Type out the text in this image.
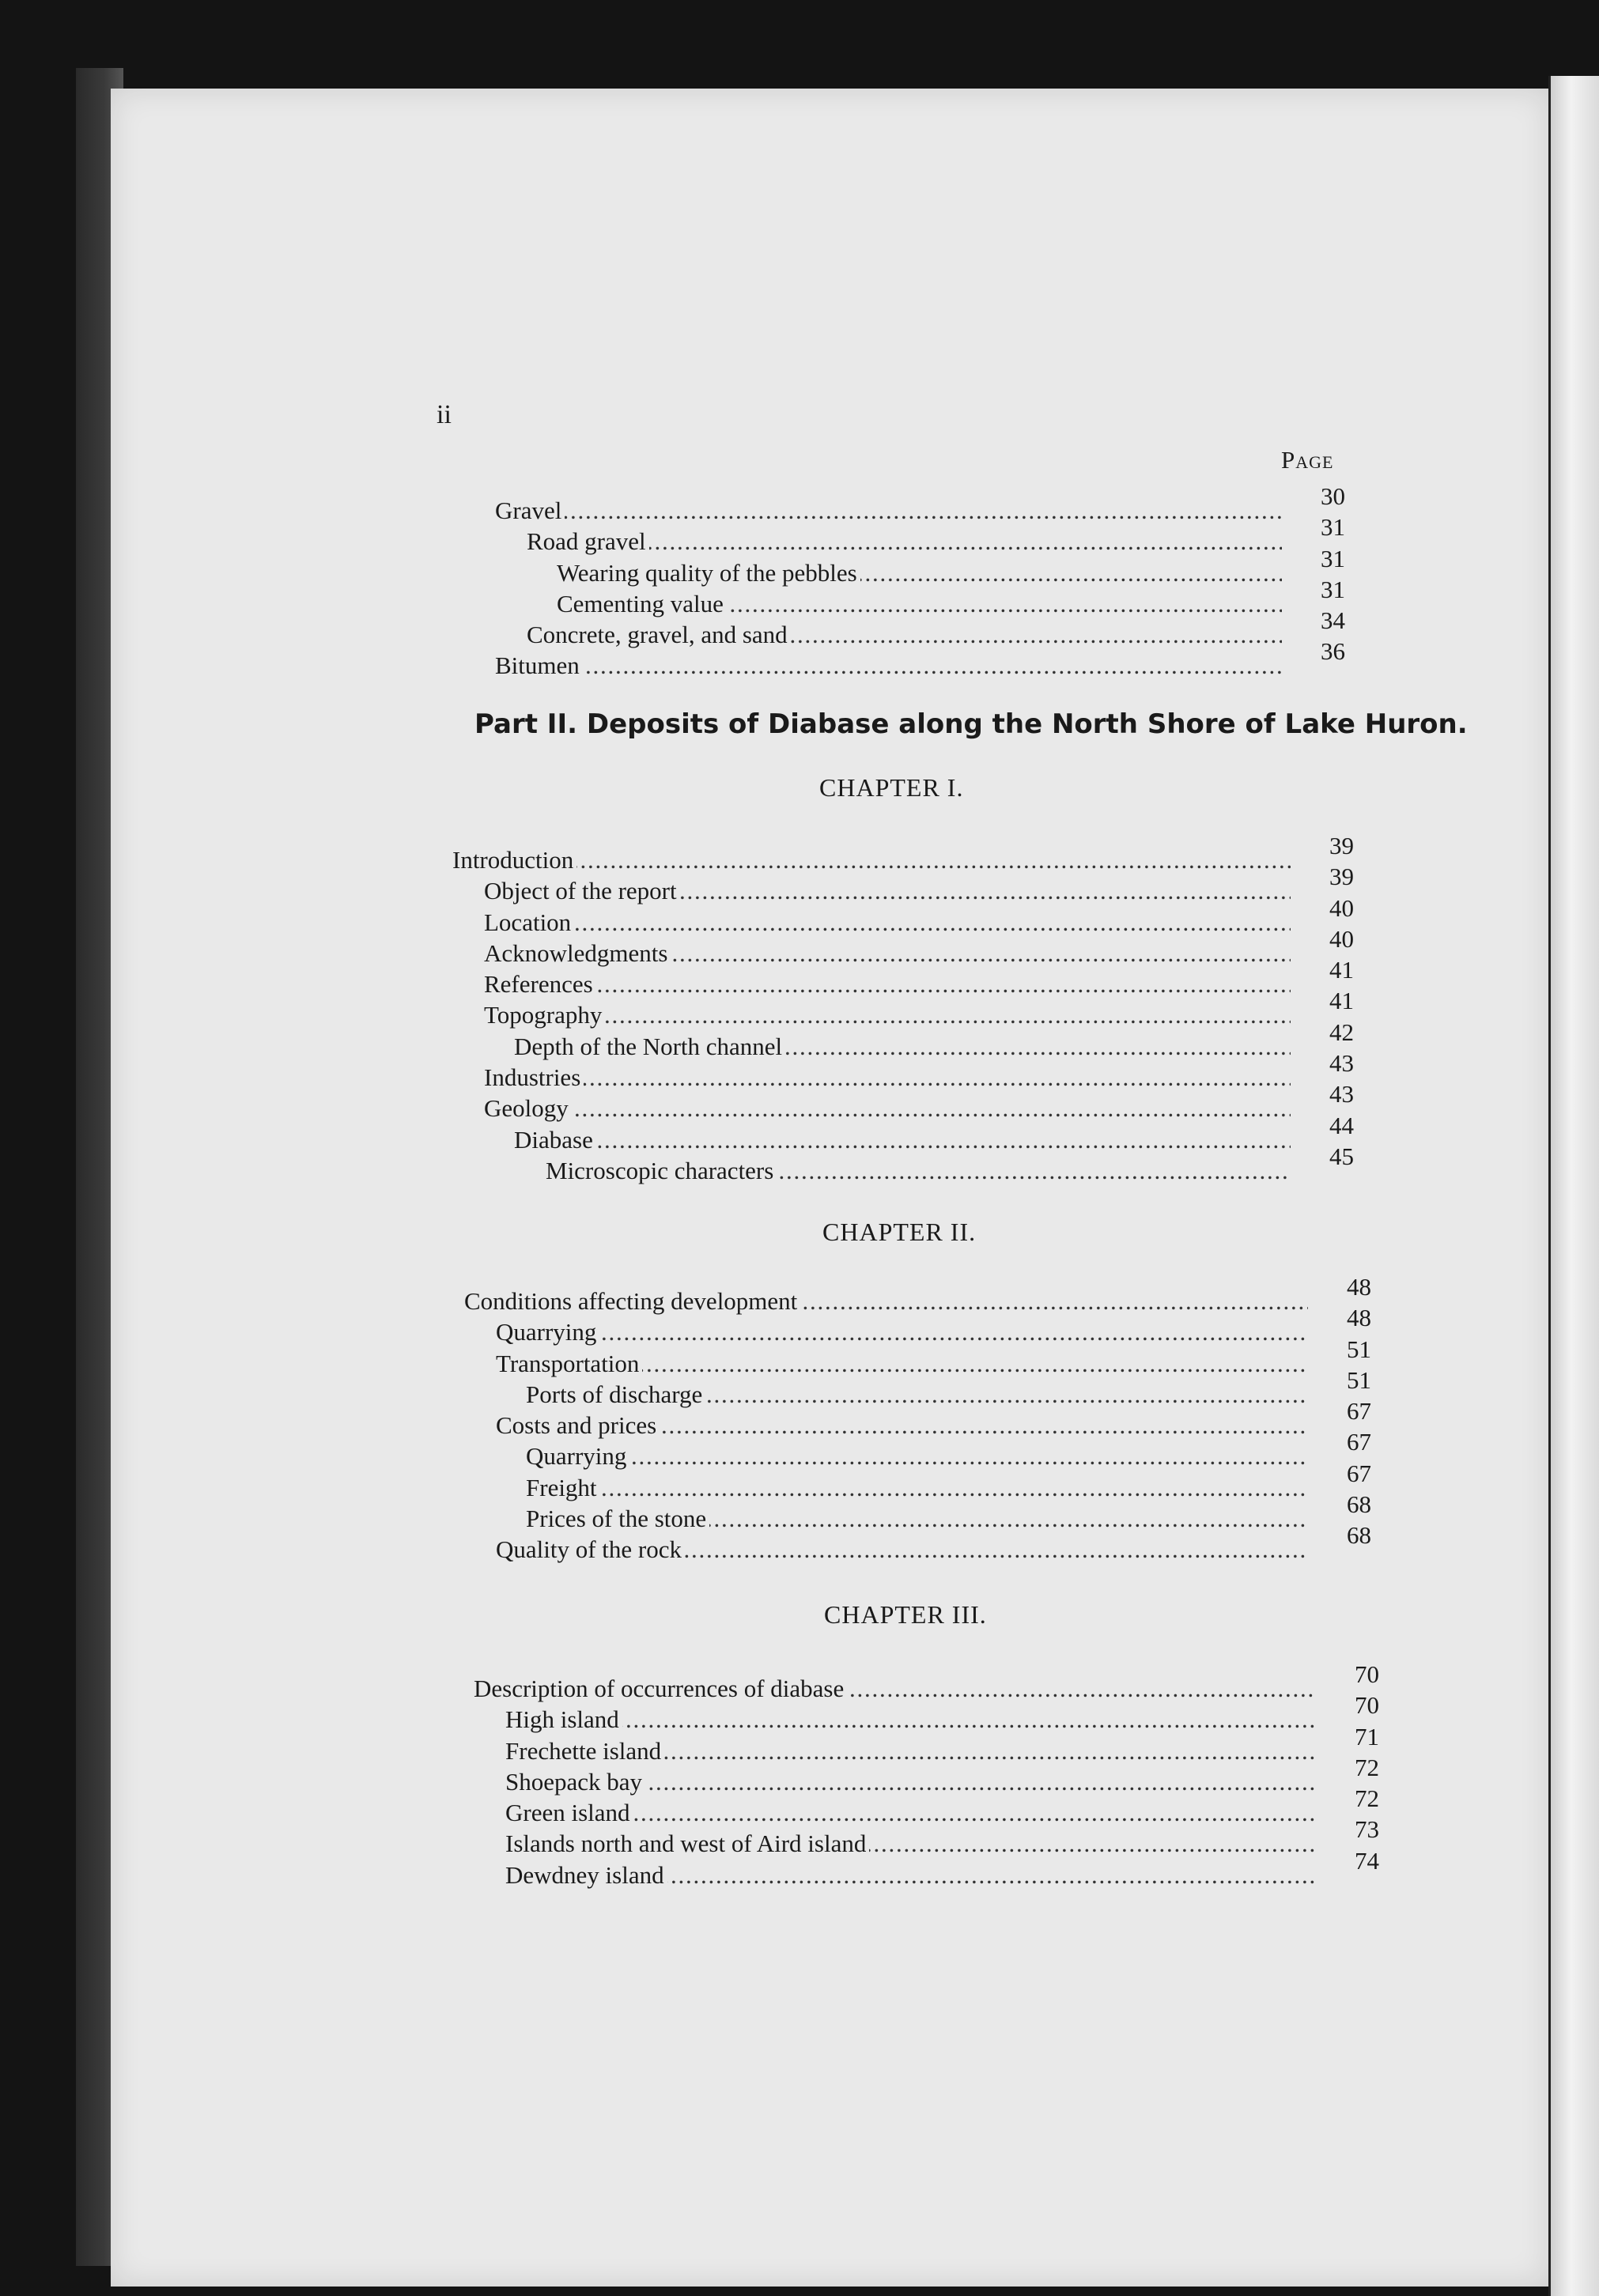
ii
Page
Gravel . . .
30
Road gravel . . .
31
Wearing quality of the pebbles . . .
31
Cementing value . . .
31
Concrete, gravel, and sand . . .
34
Bitumen . . .
36
Part II. Deposits of Diabase along the North Shore of Lake Huron.
CHAPTER I.
Introduction . . .
39
Object of the report . . .
39
Location . . .
40
Acknowledgments . . .
40
References . . .
41
Topography . . .
41
Depth of the North channel . . .
42
Industries . . .
43
Geology . . .
43
Diabase . . .
44
Microscopic characters . . .
45
CHAPTER II.
Conditions affecting development . . .
48
Quarrying . . .
48
Transportation . . .
51
Ports of discharge . . .
51
Costs and prices . . .
67
Quarrying . . .
67
Freight . . .
67
Prices of the stone . . .
68
Quality of the rock . . .
68
CHAPTER III.
Description of occurrences of diabase . . .
70
High island . . .
70
Frechette island . . .
71
Shoepack bay . . .
72
Green island . . .
72
Islands north and west of Aird island . . .
73
Dewdney island . . .
74
